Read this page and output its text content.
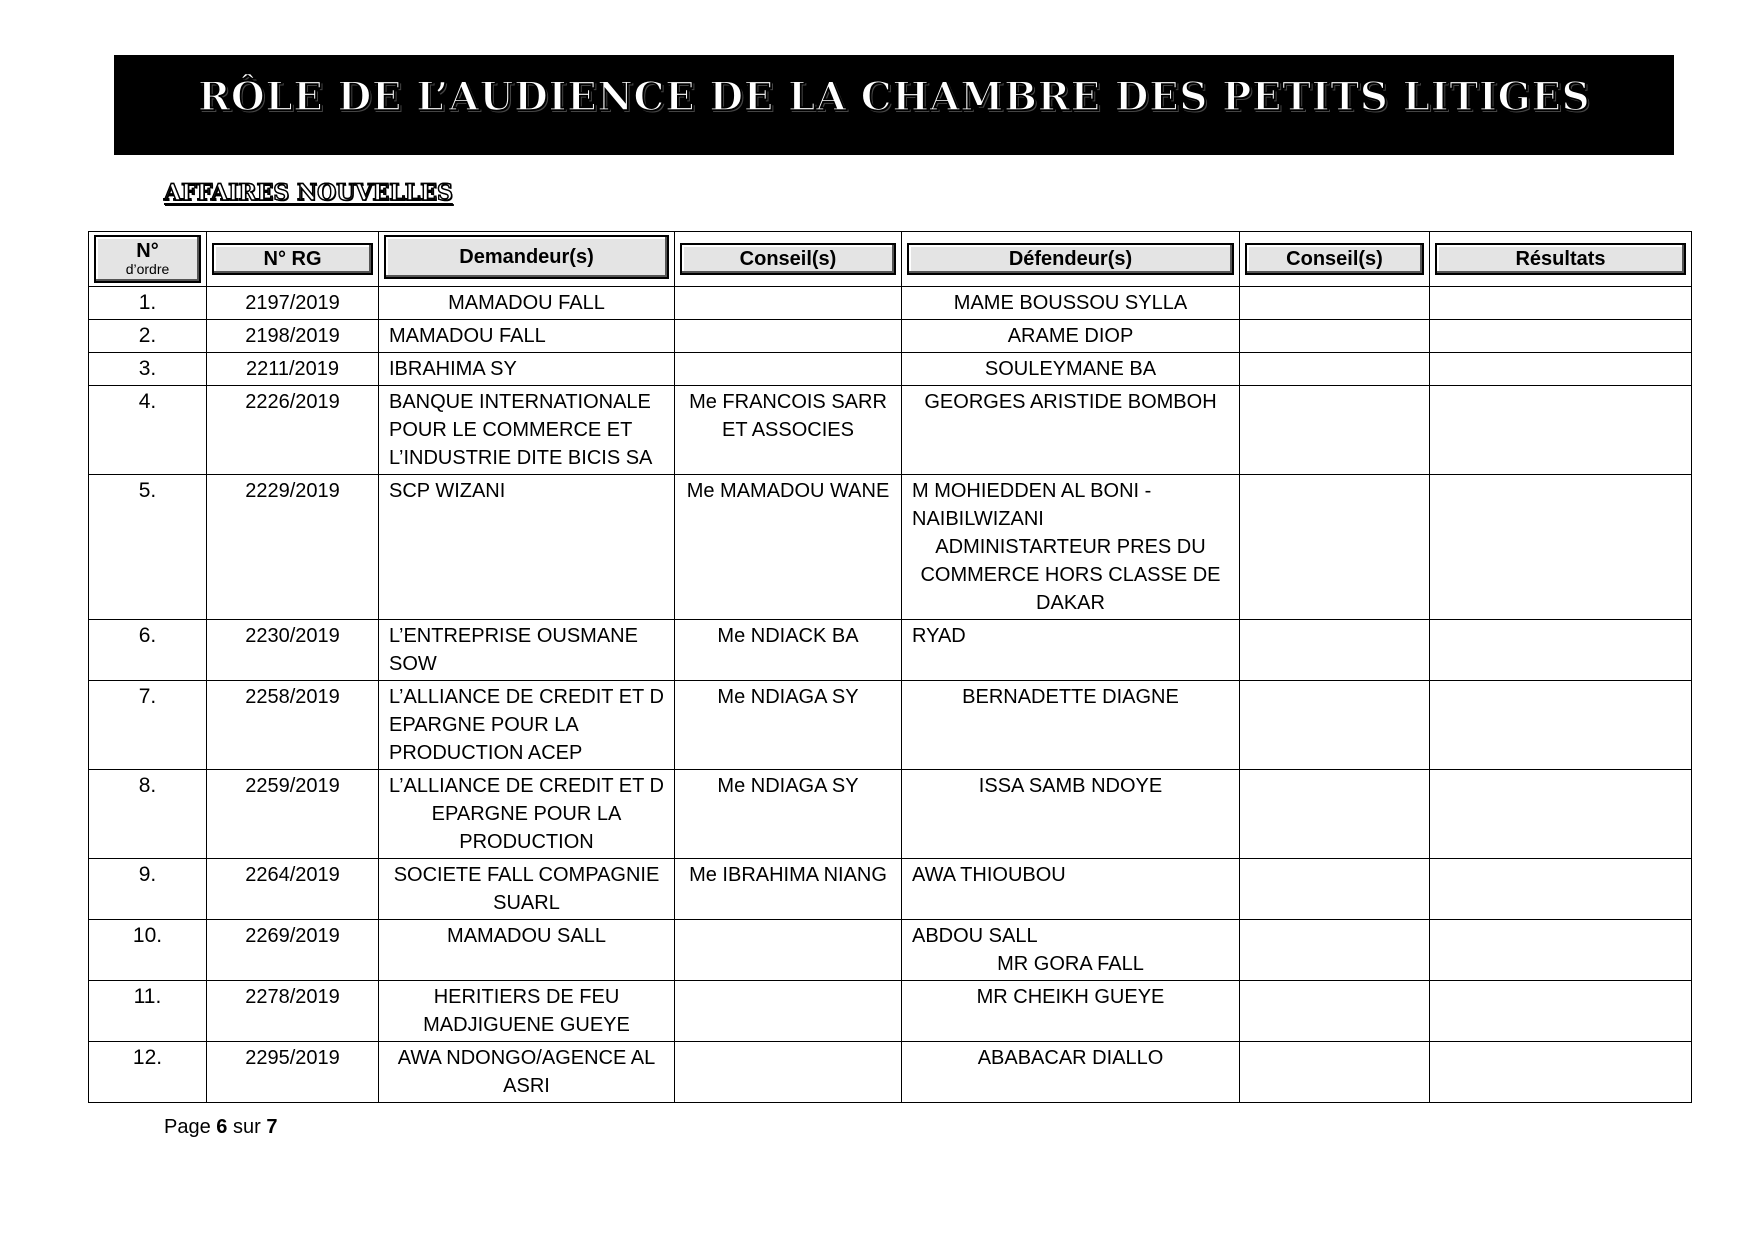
RÔLE DE L’AUDIENCE DE LA CHAMBRE DES PETITS LITIGES
AFFAIRES NOUVELLES
N°
d’ordre	N° RG	Demandeur(s)	Conseil(s)	Défendeur(s)	Conseil(s)	Résultats

1.	2197/2019	MAMADOU FALL		MAME BOUSSOU SYLLA		
2.	2198/2019	MAMADOU FALL		ARAME DIOP		
3.	2211/2019	IBRAHIMA SY		SOULEYMANE BA		
4.	2226/2019	BANQUE INTERNATIONALE POUR LE COMMERCE ET L’INDUSTRIE DITE BICIS SA	Me FRANCOIS SARR ET ASSOCIES	GEORGES ARISTIDE BOMBOH		
5.	2229/2019	SCP WIZANI	Me MAMADOU WANE	M MOHIEDDEN AL BONI - NAIBILWIZANI
ADMINISTARTEUR PRES DU COMMERCE HORS CLASSE DE DAKAR		

6.	2230/2019	L’ENTREPRISE OUSMANE SOW	Me NDIACK BA	RYAD		
7.	2258/2019	L’ALLIANCE DE CREDIT ET D EPARGNE POUR LA PRODUCTION ACEP	Me NDIAGA SY	BERNADETTE DIAGNE		
8.	2259/2019	L’ALLIANCE DE CREDIT ET D EPARGNE POUR LA PRODUCTION	Me NDIAGA SY	ISSA SAMB NDOYE		
9.	2264/2019	SOCIETE FALL COMPAGNIE SUARL	Me IBRAHIMA NIANG	AWA THIOUBOU		
10.	2269/2019	MAMADOU SALL		ABDOU SALL
MR GORA FALL		

11.	2278/2019	HERITIERS DE FEU MADJIGUENE GUEYE		MR CHEIKH GUEYE		
12.	2295/2019	AWA NDONGO/AGENCE AL ASRI		ABABACAR DIALLO		
Page 6 sur 7
